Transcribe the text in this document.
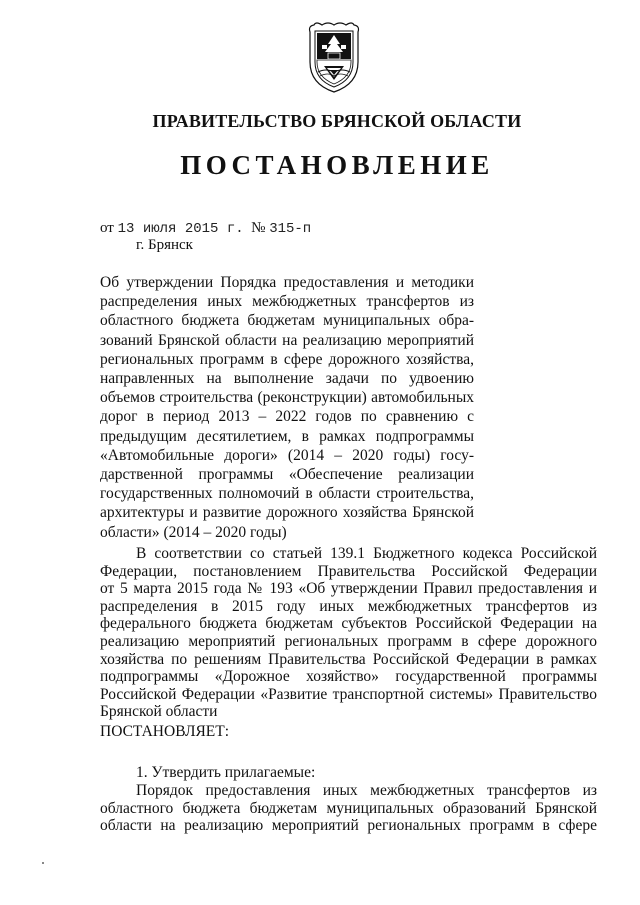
ПРАВИТЕЛЬСТВО БРЯНСКОЙ ОБЛАСТИ
ПОСТАНОВЛЕНИЕ
от 13 июля 2015 г. № 315-п
г. Брянск
Об утверждении Порядка предоставления и методики
распределения иных межбюджетных трансфертов из
областного бюджета бюджетам муниципальных обра-
зований Брянской области на реализацию мероприятий
региональных программ в сфере дорожного хозяйства,
направленных на выполнение задачи по удвоению
объемов строительства (реконструкции) автомобильных
дорог в период 2013 – 2022 годов по сравнению с
предыдущим десятилетием, в рамках подпрограммы
«Автомобильные дороги» (2014 – 2020 годы) госу-
дарственной программы «Обеспечение реализации
государственных полномочий в области строительства,
архитектуры и развитие дорожного хозяйства Брянской
области» (2014 – 2020 годы)
В соответствии со статьей 139.1 Бюджетного кодекса Российской
Федерации, постановлением Правительства Российской Федерации
от 5 марта 2015 года № 193 «Об утверждении Правил предоставления и
распределения в 2015 году иных межбюджетных трансфертов из
федерального бюджета бюджетам субъектов Российской Федерации на
реализацию мероприятий региональных программ в сфере дорожного
хозяйства по решениям Правительства Российской Федерации в рамках
подпрограммы «Дорожное хозяйство» государственной программы
Российской Федерации «Развитие транспортной системы» Правительство
Брянской области
ПОСТАНОВЛЯЕТ:
1. Утвердить прилагаемые:
Порядок предоставления иных межбюджетных трансфертов из
областного бюджета бюджетам муниципальных образований Брянской
области на реализацию мероприятий региональных программ в сфере
